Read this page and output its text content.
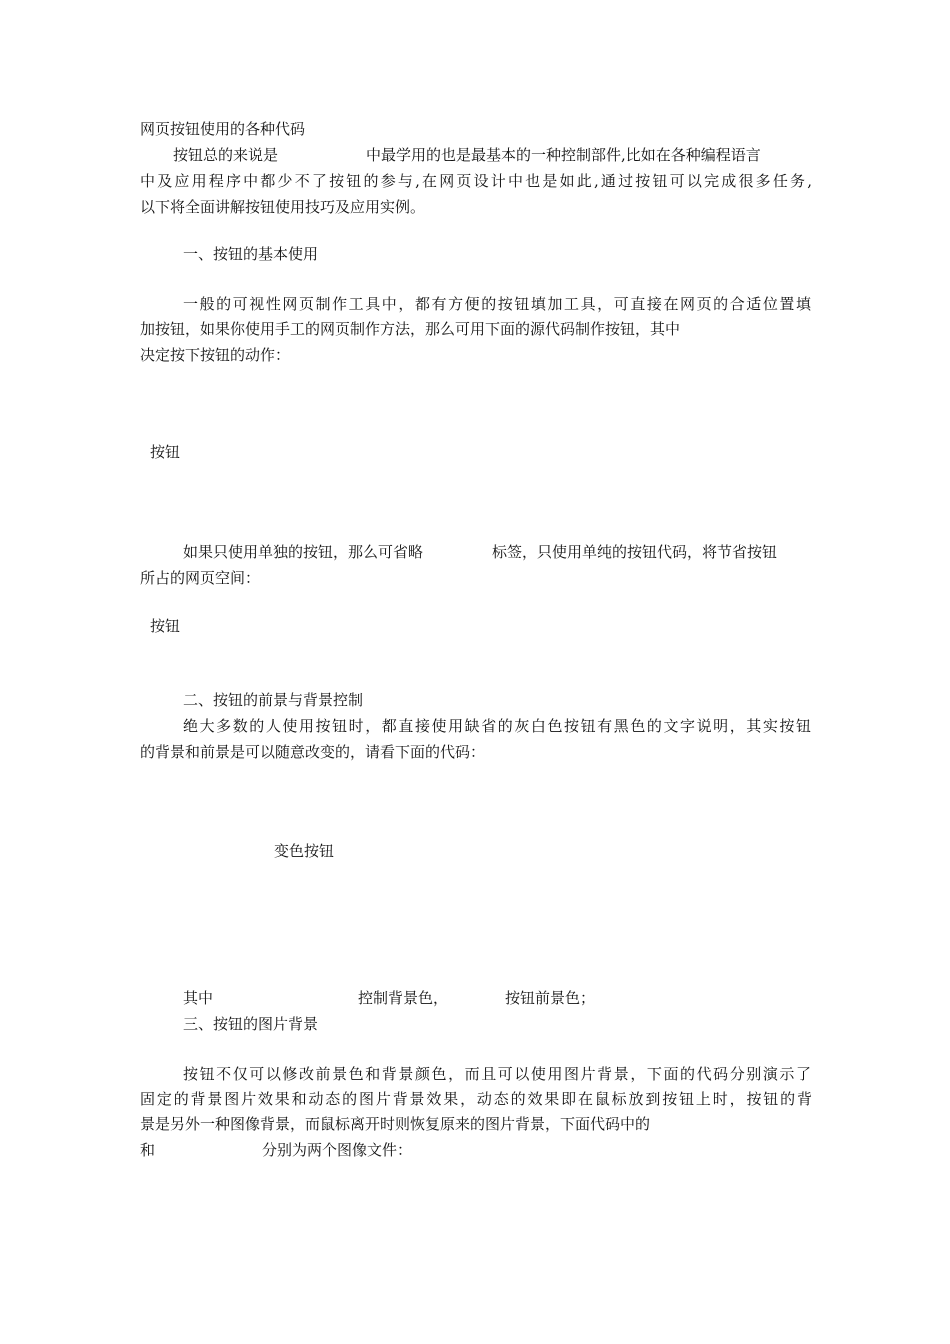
网页按钮使用的各种代码
按钮总的来说是	中最学用的也是最基本的一种控制部件,比如在各种编程语言
中及应用程序中都少不了按钮的参与,在网页设计中也是如此,通过按钮可以完成很多任务,
以下将全面讲解按钮使用技巧及应用实例。
一、按钮的基本使用
一般的可视性网页制作工具中，都有方便的按钮填加工具，可直接在网页的合适位置填
加按钮，如果你使用手工的网页制作方法，那么可用下面的源代码制作按钮，其中
决定按下按钮的动作：
按钮
如果只使用单独的按钮，那么可省略	标签，只使用单纯的按钮代码，将节省按钮
所占的网页空间：
按钮
二、按钮的前景与背景控制
绝大多数的人使用按钮时，都直接使用缺省的灰白色按钮有黑色的文字说明，其实按钮
的背景和前景是可以随意改变的，请看下面的代码：
变色按钮
其中	控制背景色，	按钮前景色；
三、按钮的图片背景
按钮不仅可以修改前景色和背景颜色，而且可以使用图片背景，下面的代码分别演示了
固定的背景图片效果和动态的图片背景效果，动态的效果即在鼠标放到按钮上时，按钮的背
景是另外一种图像背景，而鼠标离开时则恢复原来的图片背景，下面代码中的
和	分别为两个图像文件：
